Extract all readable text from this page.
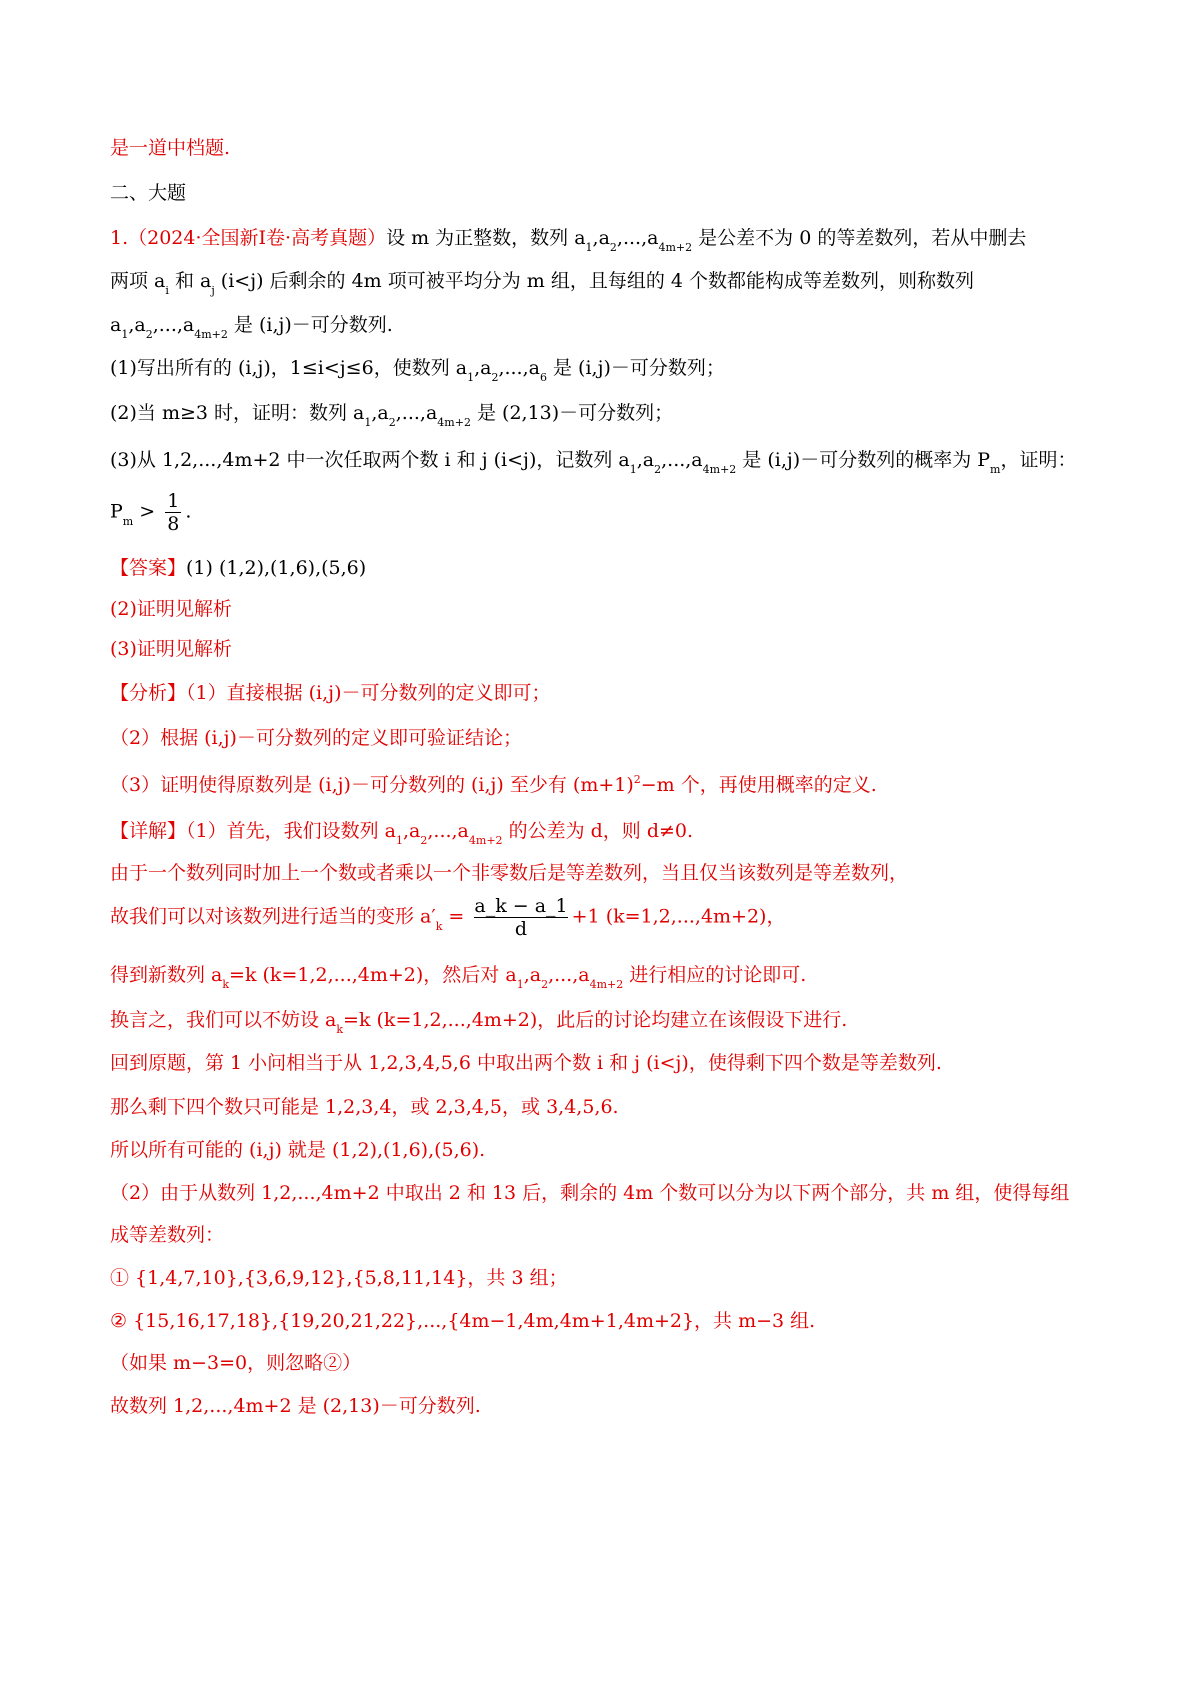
是一道中档题.
二、大题
1.（2024·全国新Ⅰ卷·高考真题）设 m 为正整数，数列 $a_1,a_2,...,a_{4m+2}$ 是公差不为 0 的等差数列，若从中删去
两项 $a_i$ 和 $a_j$ (i<j) 后剩余的 4m 项可被平均分为 m 组，且每组的 4 个数都能构成等差数列，则称数列
$a_1,a_2,...,a_{4m+2}$ 是 (i,j)－可分数列.
(1)写出所有的 (i,j)，1≤i<j≤6，使数列 $a_1,a_2,...,a_6$ 是 (i,j)－可分数列；
(2)当 m≥3 时，证明：数列 $a_1,a_2,...,a_{4m+2}$ 是 (2,13)－可分数列；
(3)从 1,2,...,4m+2 中一次任取两个数 i 和 j (i<j)，记数列 $a_1,a_2,...,a_{4m+2}$ 是 (i,j)－可分数列的概率为 $P_m$，证明：
【答案】(1) (1,2),(1,6),(5,6)
(2)证明见解析
(3)证明见解析
【分析】（1）直接根据 (i,j)－可分数列的定义即可；
（2）根据 (i,j)－可分数列的定义即可验证结论；
（3）证明使得原数列是 (i,j)－可分数列的 (i,j) 至少有 $(m+1)^2-m$ 个，再使用概率的定义.
【详解】（1）首先，我们设数列 $a_1,a_2,...,a_{4m+2}$ 的公差为 d，则 d≠0.
由于一个数列同时加上一个数或者乘以一个非零数后是等差数列，当且仅当该数列是等差数列，
得到新数列 $a_k=k$ (k=1,2,...,4m+2)，然后对 $a_1,a_2,...,a_{4m+2}$ 进行相应的讨论即可.
换言之，我们可以不妨设 $a_k=k$ (k=1,2,...,4m+2)，此后的讨论均建立在该假设下进行.
回到原题，第 1 小问相当于从 1,2,3,4,5,6 中取出两个数 i 和 j (i<j)，使得剩下四个数是等差数列.
那么剩下四个数只可能是 1,2,3,4，或 2,3,4,5，或 3,4,5,6.
所以所有可能的 (i,j) 就是 (1,2),(1,6),(5,6).
（2）由于从数列 1,2,...,4m+2 中取出 2 和 13 后，剩余的 4m 个数可以分为以下两个部分，共 m 组，使得每组
成等差数列：
① {1,4,7,10},{3,6,9,12},{5,8,11,14}，共 3 组；
② {15,16,17,18},{19,20,21,22},...,{4m−1,4m,4m+1,4m+2}，共 m−3 组.
（如果 m−3=0，则忽略②）
故数列 1,2,...,4m+2 是 (2,13)－可分数列.
$P_m > \frac{1}{8}$ .
故我们可以对该数列进行适当的变形 $a'_k = \frac{a\_k - a\_1}{d} +1$ (k=1,2,...,4m+2)，
